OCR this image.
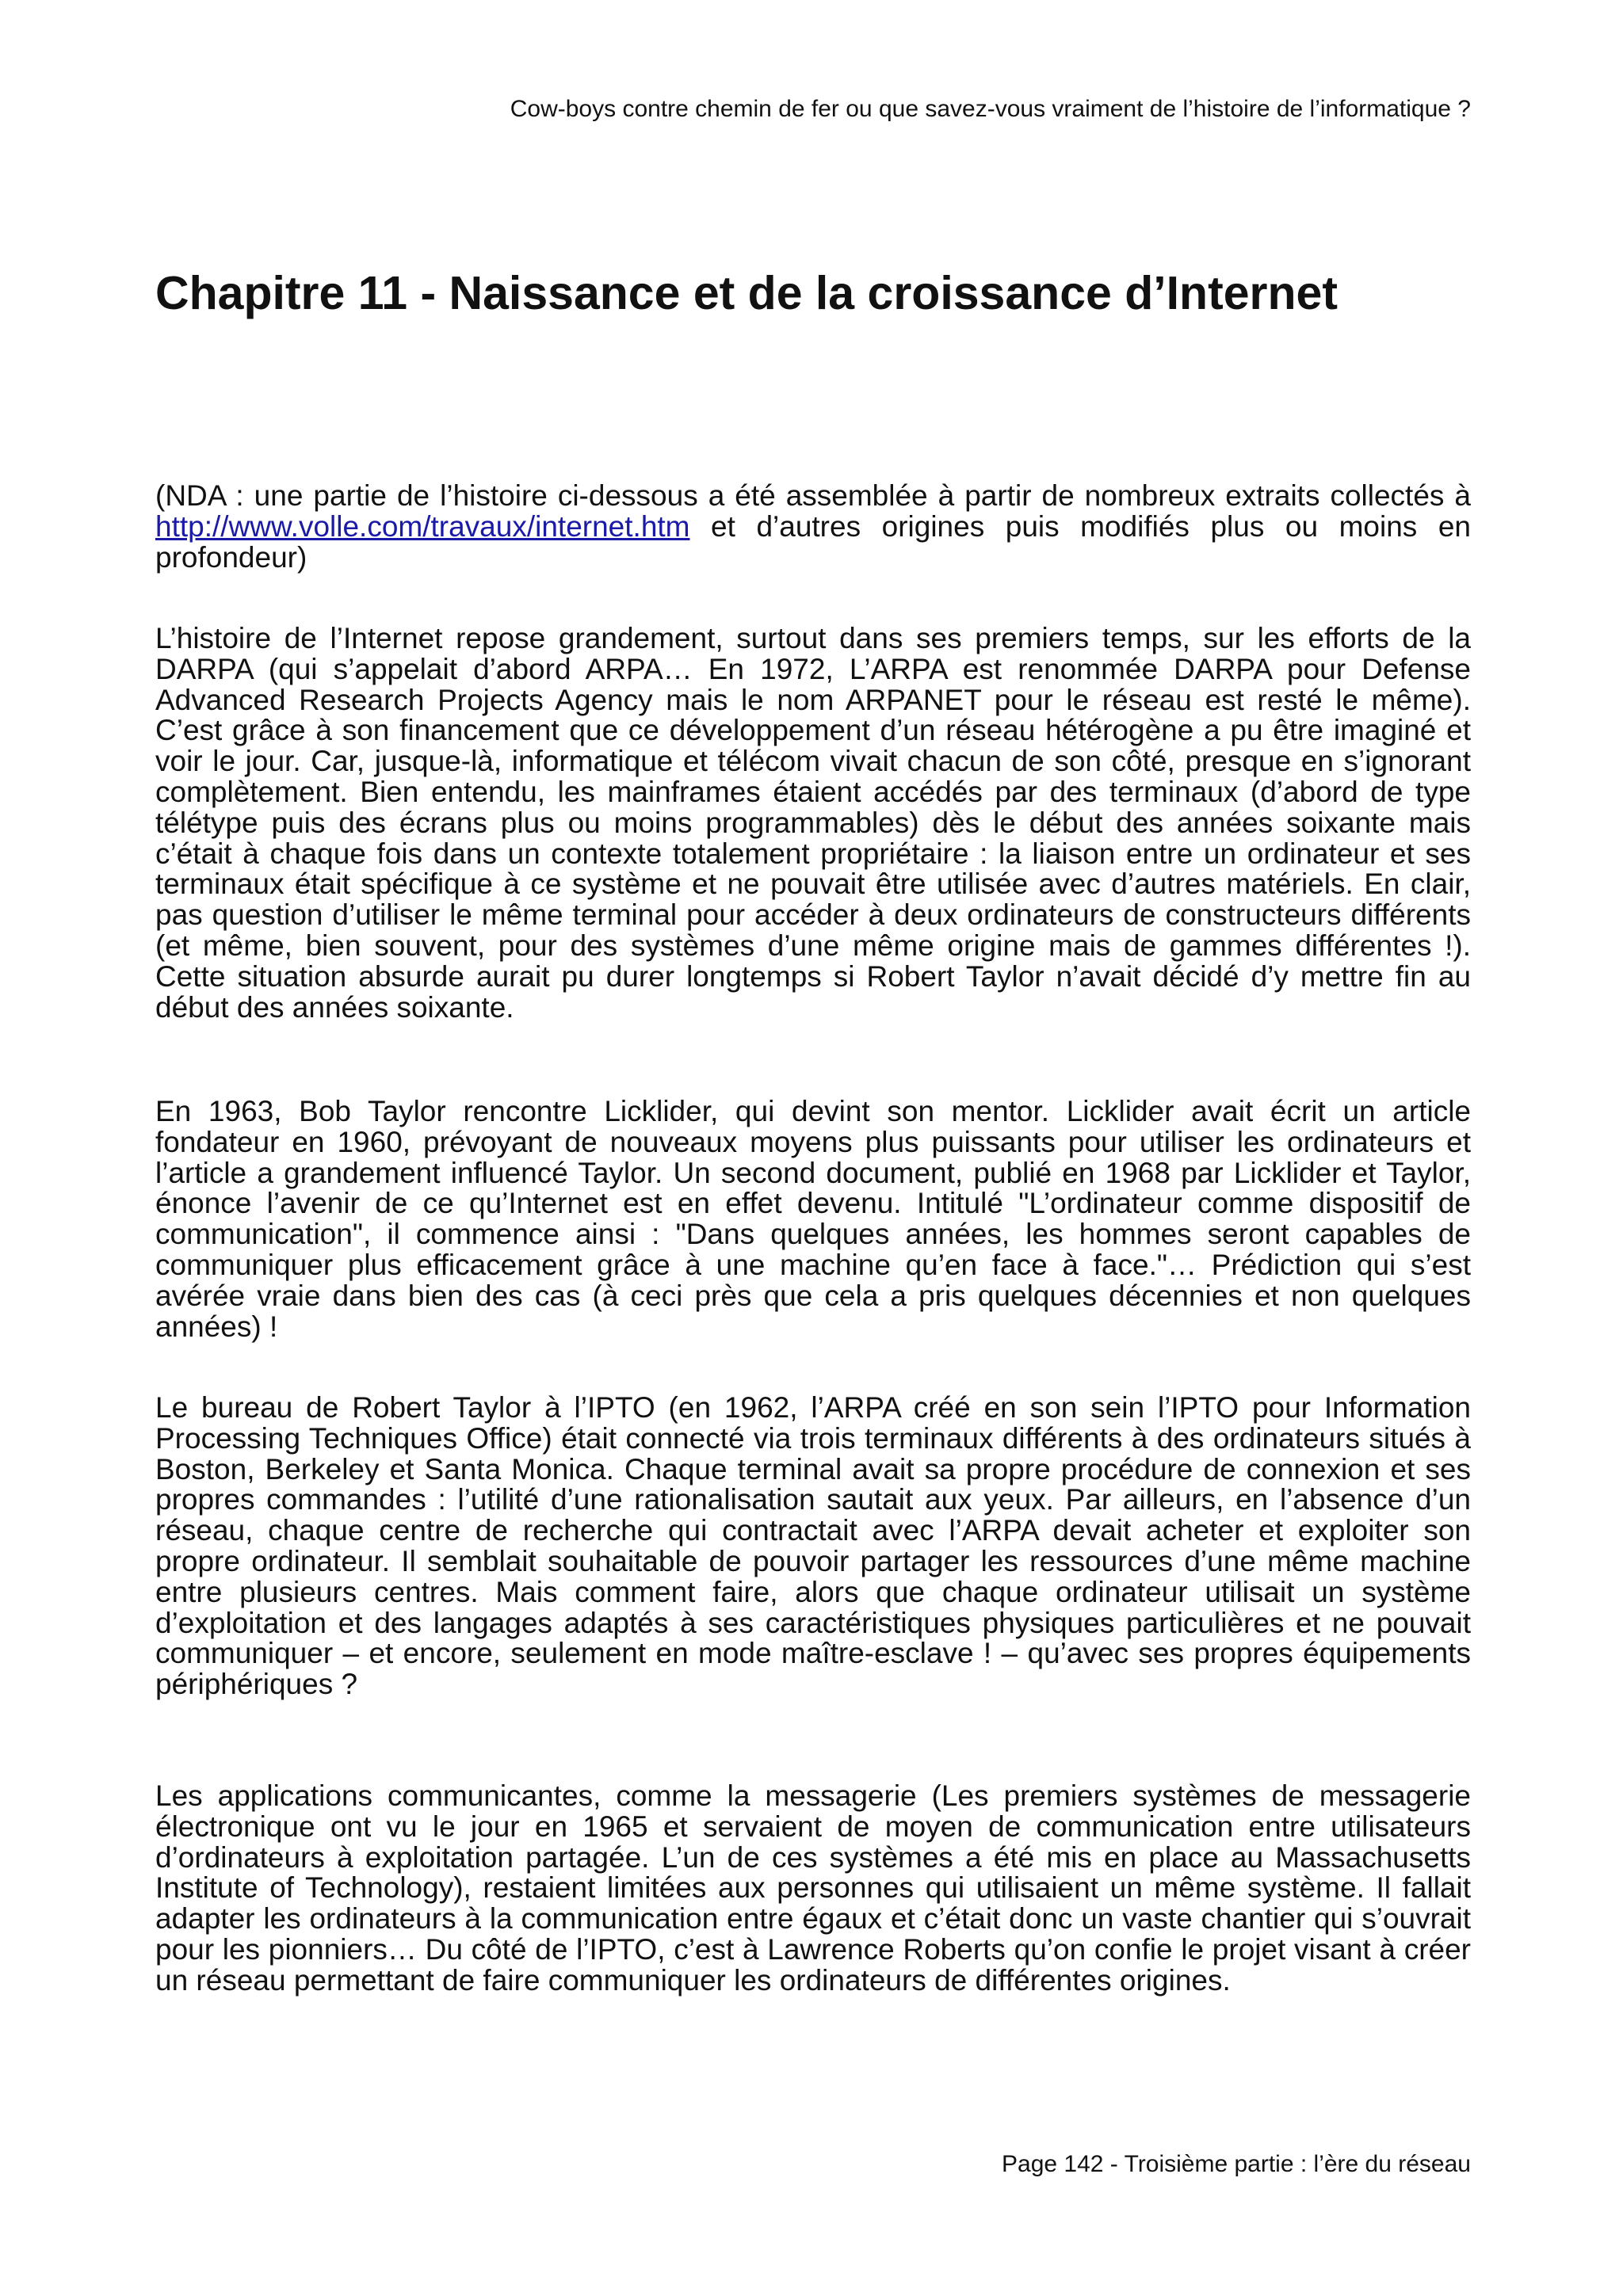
Cow-boys contre chemin de fer ou que savez-vous vraiment de l’histoire de l’informatique ?
Chapitre 11 - Naissance et de la croissance d’Internet

(NDA : une partie de l’histoire ci-dessous a été assemblée à partir de nombreux extraits collectés à http://www.volle.com/travaux/internet.htm et d’autres origines puis modifiés plus ou moins en profondeur)

L’histoire de l’Internet repose grandement, surtout dans ses premiers temps, sur les efforts de la DARPA (qui s’appelait d’abord ARPA… En 1972, L’ARPA est renommée DARPA pour Defense Advanced Research Projects Agency mais le nom ARPANET pour le réseau est resté le même). C’est grâce à son financement que ce développement d’un réseau hétérogène a pu être imaginé et voir le jour. Car, jusque-là, informatique et télécom vivait chacun de son côté, presque en s’ignorant complètement. Bien entendu, les mainframes étaient accédés par des terminaux (d’abord de type télétype puis des écrans plus ou moins programmables) dès le début des années soixante mais c’était à chaque fois dans un contexte totalement propriétaire : la liaison entre un ordinateur et ses terminaux était spécifique à ce système et ne pouvait être utilisée avec d’autres matériels. En clair, pas question d’utiliser le même terminal pour accéder à deux ordinateurs de constructeurs différents (et même, bien souvent, pour des systèmes d’une même origine mais de gammes différentes !). Cette situation absurde aurait pu durer longtemps si Robert Taylor n’avait décidé d’y mettre fin au début des années soixante.

En 1963, Bob Taylor rencontre Licklider, qui devint son mentor. Licklider avait écrit un article fondateur en 1960, prévoyant de nouveaux moyens plus puissants pour utiliser les ordinateurs et l’article a grandement influencé Taylor. Un second document, publié en 1968 par Licklider et Taylor, énonce l’avenir de ce qu’Internet est en effet devenu. Intitulé "L’ordinateur comme dispositif de communication", il commence ainsi : "Dans quelques années, les hommes seront capables de communiquer plus efficacement grâce à une machine qu’en face à face."… Prédiction qui s’est avérée vraie dans bien des cas (à ceci près que cela a pris quelques décennies et non quelques années) !

Le bureau de Robert Taylor à l’IPTO (en 1962, l’ARPA créé en son sein l’IPTO pour Information Processing Techniques Office) était connecté via trois terminaux différents à des ordinateurs situés à Boston, Berkeley et Santa Monica. Chaque terminal avait sa propre procédure de connexion et ses propres commandes : l’utilité d’une rationalisation sautait aux yeux. Par ailleurs, en l’absence d’un réseau, chaque centre de recherche qui contractait avec l’ARPA devait acheter et exploiter son propre ordinateur. Il semblait souhaitable de pouvoir partager les ressources d’une même machine entre plusieurs centres. Mais comment faire, alors que chaque ordinateur utilisait un système d’exploitation et des langages adaptés à ses caractéristiques physiques particulières et ne pouvait communiquer – et encore, seulement en mode maître-esclave ! – qu’avec ses propres équipements périphériques ?

Les applications communicantes, comme la messagerie (Les premiers systèmes de messagerie électronique ont vu le jour en 1965 et servaient de moyen de communication entre utilisateurs d’ordinateurs à exploitation partagée. L’un de ces systèmes a été mis en place au Massachusetts Institute of Technology), restaient limitées aux personnes qui utilisaient un même système. Il fallait adapter les ordinateurs à la communication entre égaux et c’était donc un vaste chantier qui s’ouvrait pour les pionniers… Du côté de l’IPTO, c’est à Lawrence Roberts qu’on confie le projet visant à créer un réseau permettant de faire communiquer les ordinateurs de différentes origines.

Page 142 - Troisième partie : l’ère du réseau
